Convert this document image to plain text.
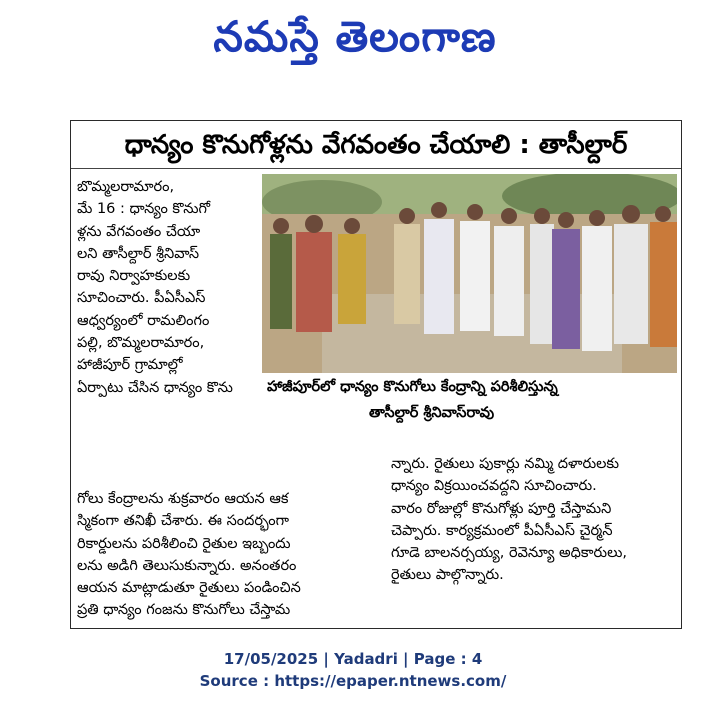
నమస్తే తెలంగాణ
ధాన్యం కొనుగోళ్లను వేగవంతం చేయాలి : తాసీల్దార్

బొమ్మలరామారం,

మే 16 : ధాన్యం కొనుగో

ళ్లను వేగవంతం చేయా

లని తాసీల్దార్ శ్రీనివాస్

రావు నిర్వాహకులకు

సూచించారు. పీఏసీఎస్

ఆధ్వర్యంలో రామలింగం

పల్లి, బొమ్మలరామారం,

హాజీపూర్ గ్రామాల్లో

ఏర్పాటు చేసిన ధాన్యం కొను	హాజీపూర్‌లో ధాన్యం కొనుగోలు కేంద్రాన్ని పరిశీలిస్తున్న

తాసీల్దార్ శ్రీనివాస్‌రావు

గోలు కేంద్రాలను శుక్రవారం ఆయన ఆక

స్మికంగా తనిఖీ చేశారు. ఈ సందర్భంగా

రికార్డులను పరిశీలించి రైతుల ఇబ్బందు

లను అడిగి తెలుసుకున్నారు. అనంతరం

ఆయన మాట్లాడుతూ రైతులు పండించిన

ప్రతి ధాన్యం గంజను కొనుగోలు చేస్తామ

న్నారు. రైతులు పుకార్లు నమ్మి దళారులకు

ధాన్యం విక్రయించవద్దని సూచించారు.

వారం రోజుల్లో కొనుగోళ్లు పూర్తి చేస్తామని

చెప్పారు. కార్యక్రమంలో పీఏసీఎస్ చైర్మన్

గూడె బాలనర్సయ్య, రెవెన్యూ అధికారులు,

రైతులు పాల్గొన్నారు.

17/05/2025 | Yadadri | Page : 4
Source : https://epaper.ntnews.com/
